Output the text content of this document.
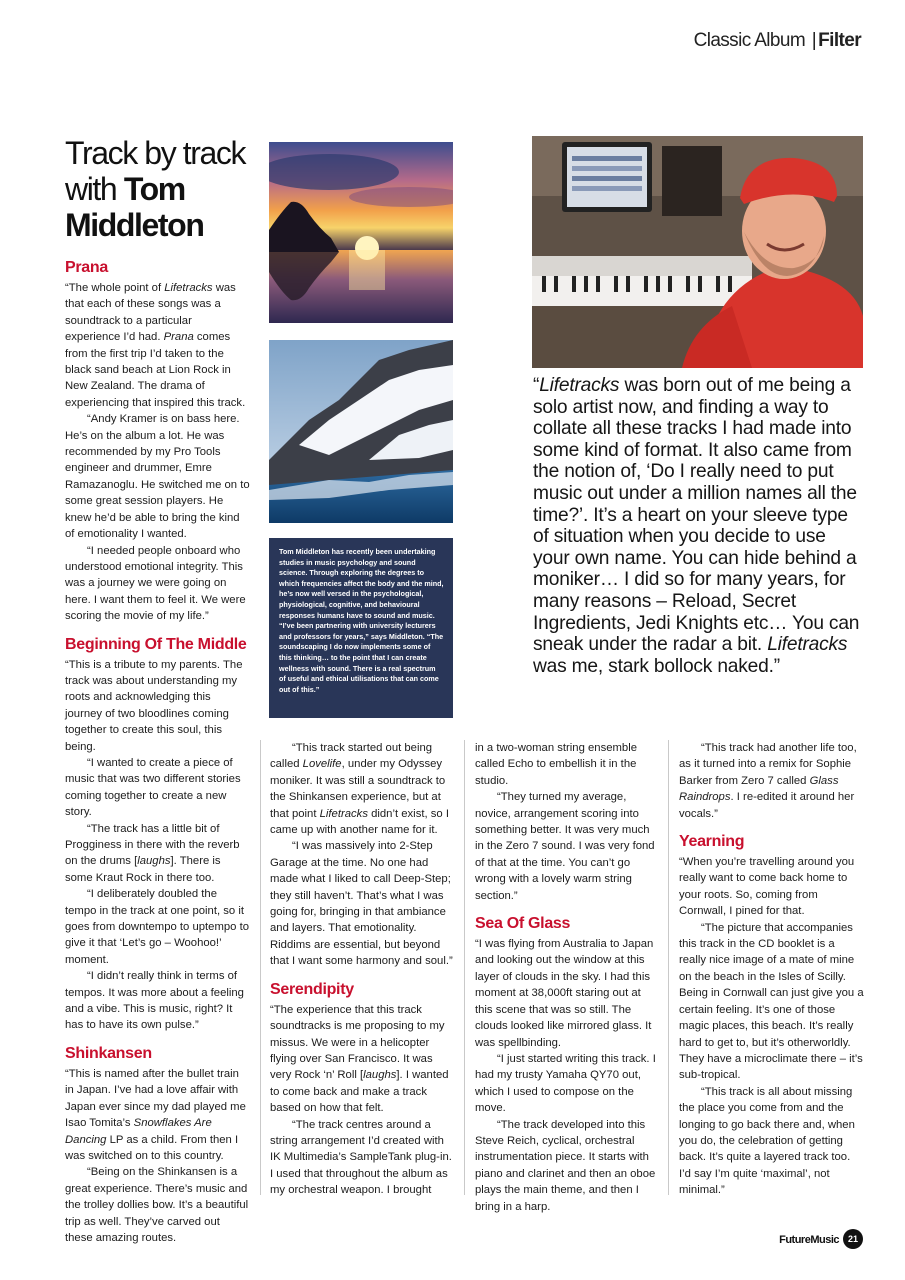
Classic Album | Filter
Track by track
with Tom Middleton
Tom Middleton has recently been undertaking studies in music psychology and sound science. Through exploring the degrees to which frequencies affect the body and the mind, he’s now well versed in the psychological, physiological, cognitive, and behavioural responses humans have to sound and music. “I’ve been partnering with university lecturers and professors for years,” says Middleton. “The soundscaping I do now implements some of this thinking… to the point that I can create wellness with sound. There is a real spectrum of useful and ethical utilisations that can come out of this.”
“Lifetracks was born out of me being a solo artist now, and finding a way to collate all these tracks I had made into some kind of format. It also came from the notion of, ‘Do I really need to put music out under a million names all the time?’. It’s a heart on your sleeve type of situation when you decide to use your own name. You can hide behind a moniker… I did so for many years, for many reasons – Reload, Secret Ingredients, Jedi Knights etc… You can sneak under the radar a bit. Lifetracks was me, stark bollock naked.”
Prana

“The whole point of Lifetracks was that each of these songs was a soundtrack to a particular experience I’d had. Prana comes from the first trip I’d taken to the black sand beach at Lion Rock in New Zealand. The drama of experiencing that inspired this track.

“Andy Kramer is on bass here. He’s on the album a lot. He was recommended by my Pro Tools engineer and drummer, Emre Ramazanoglu. He switched me on to some great session players. He knew he’d be able to bring the kind of emotionality I wanted.

“I needed people onboard who understood emotional integrity. This was a journey we were going on here. I want them to feel it. We were scoring the movie of my life.”

Beginning Of The Middle

“This is a tribute to my parents. The track was about understanding my roots and acknowledging this journey of two bloodlines coming together to create this soul, this being.

“I wanted to create a piece of music that was two different stories coming together to create a new story.

“The track has a little bit of Progginess in there with the reverb on the drums [laughs]. There is some Kraut Rock in there too.

“I deliberately doubled the tempo in the track at one point, so it goes from downtempo to uptempo to give it that ‘Let’s go – Woohoo!’ moment.

“I didn’t really think in terms of tempos. It was more about a feeling and a vibe. This is music, right? It has to have its own pulse.”

Shinkansen

“This is named after the bullet train in Japan. I’ve had a love affair with Japan ever since my dad played me Isao Tomita’s Snowflakes Are Dancing LP as a child. From then I was switched on to this country.

“Being on the Shinkansen is a great experience. There’s music and the trolley dollies bow. It’s a beautiful trip as well. They’ve carved out these amazing routes.

“This track started out being called Lovelife, under my Odyssey moniker. It was still a soundtrack to the Shinkansen experience, but at that point Lifetracks didn’t exist, so I came up with another name for it.

“I was massively into 2-Step Garage at the time. No one had made what I liked to call Deep-Step; they still haven’t. That’s what I was going for, bringing in that ambiance and layers. That emotionality. Riddims are essential, but beyond that I want some harmony and soul.”

Serendipity

“The experience that this track soundtracks is me proposing to my missus. We were in a helicopter flying over San Francisco. It was very Rock ‘n’ Roll [laughs]. I wanted to come back and make a track based on how that felt.

“The track centres around a string arrangement I’d created with IK Multimedia’s SampleTank plug-in. I used that throughout the album as my orchestral weapon. I brought

in a two-woman string ensemble called Echo to embellish it in the studio.

“They turned my average, novice, arrangement scoring into something better. It was very much in the Zero 7 sound. I was very fond of that at the time. You can’t go wrong with a lovely warm string section.”

Sea Of Glass

“I was flying from Australia to Japan and looking out the window at this layer of clouds in the sky. I had this moment at 38,000ft staring out at this scene that was so still. The clouds looked like mirrored glass. It was spellbinding.

“I just started writing this track. I had my trusty Yamaha QY70 out, which I used to compose on the move.

“The track developed into this Steve Reich, cyclical, orchestral instrumentation piece. It starts with piano and clarinet and then an oboe plays the main theme, and then I bring in a harp.

“This track had another life too, as it turned into a remix for Sophie Barker from Zero 7 called Glass Raindrops. I re-edited it around her vocals.”

Yearning

“When you’re travelling around you really want to come back home to your roots. So, coming from Cornwall, I pined for that.

“The picture that accompanies this track in the CD booklet is a really nice image of a mate of mine on the beach in the Isles of Scilly. Being in Cornwall can just give you a certain feeling. It’s one of those magic places, this beach. It’s really hard to get to, but it’s otherworldly. They have a microclimate there – it’s sub-tropical.

“This track is all about missing the place you come from and the longing to go back there and, when you do, the celebration of getting back. It’s quite a layered track too. I’d say I’m quite ‘maximal’, not minimal.”

FutureMusic 21
